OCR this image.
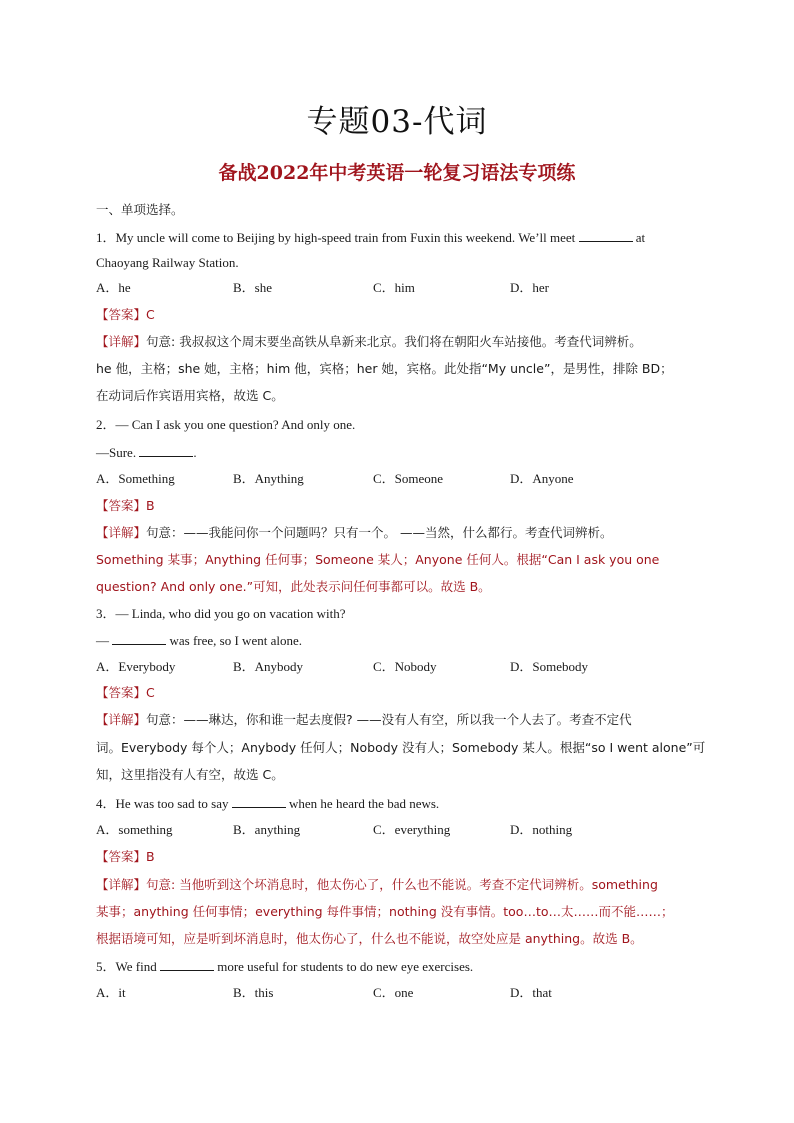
专题03-代词
备战2022年中考英语一轮复习语法专项练
一、单项选择。
1．My uncle will come to Beijing by high-speed train from Fuxin this weekend. We’ll meet	at
Chaoyang Railway Station.
A．he	B．she	C．him	D．her
【答案】C
【详解】句意: 我叔叔这个周末要坐高铁从阜新来北京。我们将在朝阳火车站接他。考查代词辨析。
he 他，主格；she 她，主格；him 他，宾格；her 她，宾格。此处指“My uncle”，是男性，排除 BD；
在动词后作宾语用宾格，故选 C。
2．— Can I ask you one question? And only one.
—Sure.	.
A．Something	B．Anything	C．Someone	D．Anyone
【答案】B
【详解】句意：——我能问你一个问题吗？只有一个。 ——当然，什么都行。考查代词辨析。
Something 某事；Anything 任何事；Someone 某人；Anyone 任何人。根据“Can I ask you one
question? And only one.”可知，此处表示问任何事都可以。故选 B。
3．— Linda, who did you go on vacation with?
—	was free, so I went alone.
A．Everybody	B．Anybody	C．Nobody	D．Somebody
【答案】C
【详解】句意：——琳达，你和谁一起去度假? ——没有人有空，所以我一个人去了。考查不定代
词。Everybody 每个人；Anybody 任何人；Nobody 没有人；Somebody 某人。根据“so I went alone”可
知，这里指没有人有空，故选 C。
4．He was too sad to say	when he heard the bad news.
A．something	B．anything	C．everything	D．nothing
【答案】B
【详解】句意: 当他听到这个坏消息时，他太伤心了，什么也不能说。考查不定代词辨析。something
某事；anything 任何事情；everything 每件事情；nothing 没有事情。too…to…太……而不能……；
根据语境可知，应是听到坏消息时，他太伤心了，什么也不能说，故空处应是 anything。故选 B。
5．We find	more useful for students to do new eye exercises.
A．it	B．this	C．one	D．that
